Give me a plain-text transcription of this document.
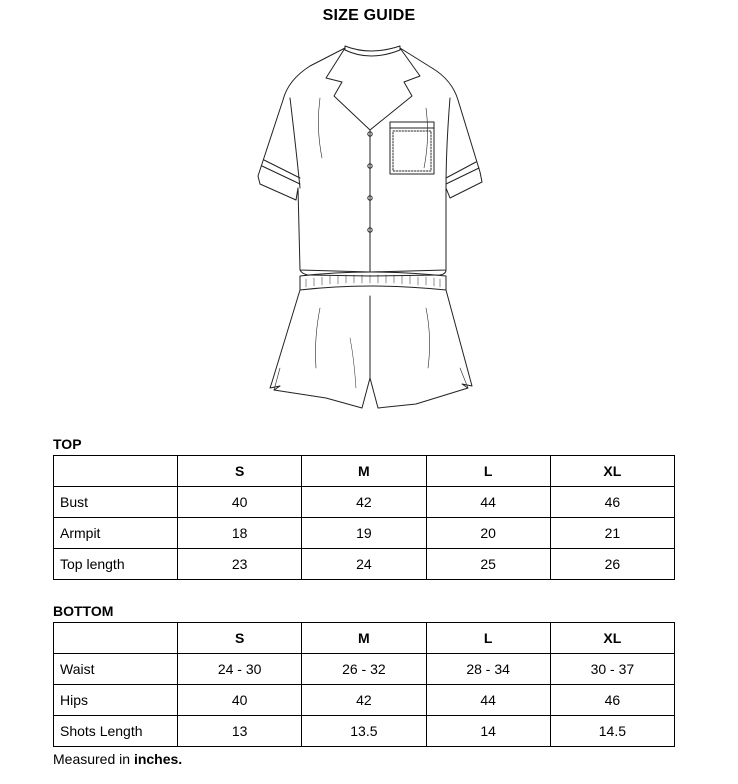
SIZE GUIDE
TOP
	S	M	L	XL
Bust	40	42	44	46
Armpit	18	19	20	21
Top length	23	24	25	26
BOTTOM
	S	M	L	XL
Waist	24 - 30	26 - 32	28 - 34	30 - 37
Hips	40	42	44	46
Shots Length	13	13.5	14	14.5
Measured in inches.
